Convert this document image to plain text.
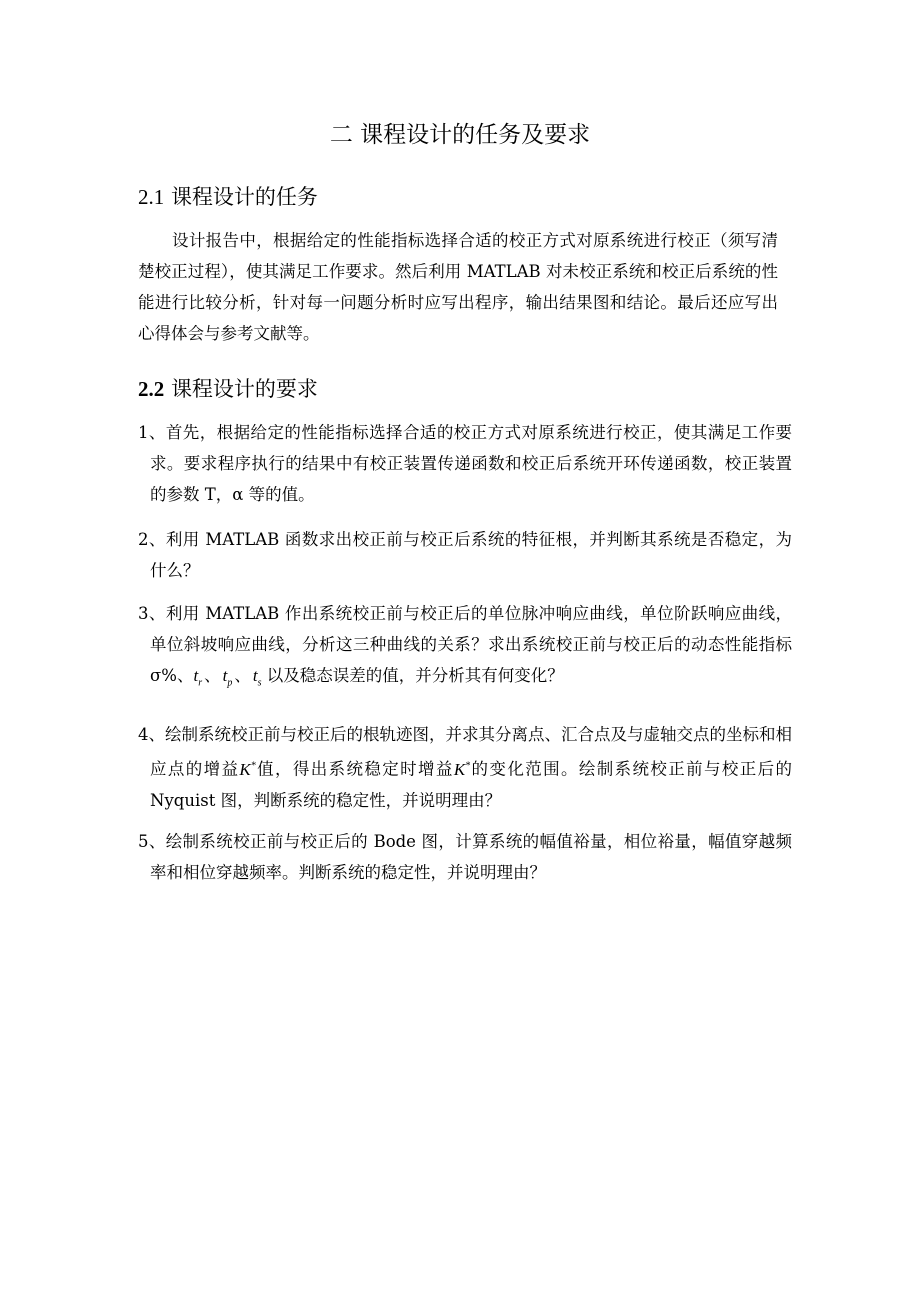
二 课程设计的任务及要求
2.1 课程设计的任务

设计报告中，根据给定的性能指标选择合适的校正方式对原系统进行校正（须写清楚校正过程），使其满足工作要求。然后利用 MATLAB 对未校正系统和校正后系统的性能进行比较分析，针对每一问题分析时应写出程序，输出结果图和结论。最后还应写出心得体会与参考文献等。

2.2 课程设计的要求

1、首先，根据给定的性能指标选择合适的校正方式对原系统进行校正，使其满足工作要求。要求程序执行的结果中有校正装置传递函数和校正后系统开环传递函数，校正装置的参数 T，α 等的值。

2、利用 MATLAB 函数求出校正前与校正后系统的特征根，并判断其系统是否稳定，为什么？

3、利用 MATLAB 作出系统校正前与校正后的单位脉冲响应曲线，单位阶跃响应曲线，单位斜坡响应曲线，分析这三种曲线的关系？求出系统校正前与校正后的动态性能指标 σ%、$t_r$ 、 $t_p$ 、 $t_s$ 以及稳态误差的值，并分析其有何变化？

4、绘制系统校正前与校正后的根轨迹图，并求其分离点、汇合点及与虚轴交点的坐标和相应点的增益K*值，得出系统稳定时增益K*的变化范围。绘制系统校正前与校正后的 Nyquist 图，判断系统的稳定性，并说明理由？

5、绘制系统校正前与校正后的 Bode 图，计算系统的幅值裕量，相位裕量，幅值穿越频率和相位穿越频率。判断系统的稳定性，并说明理由？
